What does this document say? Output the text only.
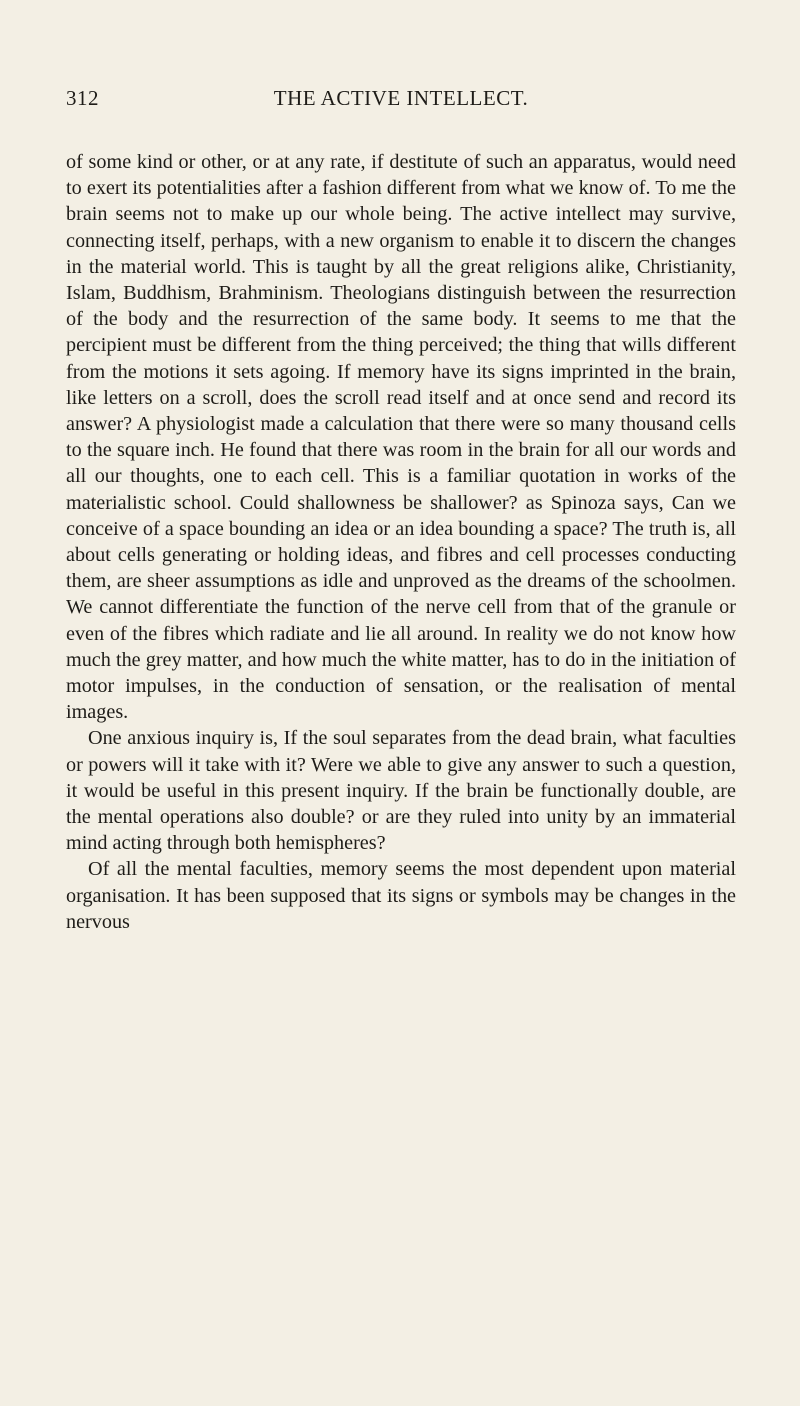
312	THE ACTIVE INTELLECT.

of some kind or other, or at any rate, if destitute of such an apparatus, would need to exert its potentialities after a fashion different from what we know of. To me the brain seems not to make up our whole being. The active intellect may survive, connecting itself, perhaps, with a new organism to enable it to discern the changes in the material world. This is taught by all the great religions alike, Christianity, Islam, Buddhism, Brahminism. Theologians distinguish between the resurrection of the body and the resurrection of the same body. It seems to me that the percipient must be different from the thing perceived; the thing that wills different from the motions it sets agoing. If memory have its signs imprinted in the brain, like letters on a scroll, does the scroll read itself and at once send and record its answer? A physiologist made a calculation that there were so many thousand cells to the square inch. He found that there was room in the brain for all our words and all our thoughts, one to each cell. This is a familiar quotation in works of the materialistic school. Could shallowness be shallower? as Spinoza says, Can we conceive of a space bounding an idea or an idea bounding a space? The truth is, all about cells generating or holding ideas, and fibres and cell processes conducting them, are sheer assumptions as idle and unproved as the dreams of the schoolmen. We cannot differentiate the function of the nerve cell from that of the granule or even of the fibres which radiate and lie all around. In reality we do not know how much the grey matter, and how much the white matter, has to do in the initiation of motor impulses, in the conduction of sensation, or the realisation of mental images.

One anxious inquiry is, If the soul separates from the dead brain, what faculties or powers will it take with it? Were we able to give any answer to such a question, it would be useful in this present inquiry. If the brain be functionally double, are the mental operations also double? or are they ruled into unity by an immaterial mind acting through both hemispheres?

Of all the mental faculties, memory seems the most dependent upon material organisation. It has been supposed that its signs or symbols may be changes in the nervous
